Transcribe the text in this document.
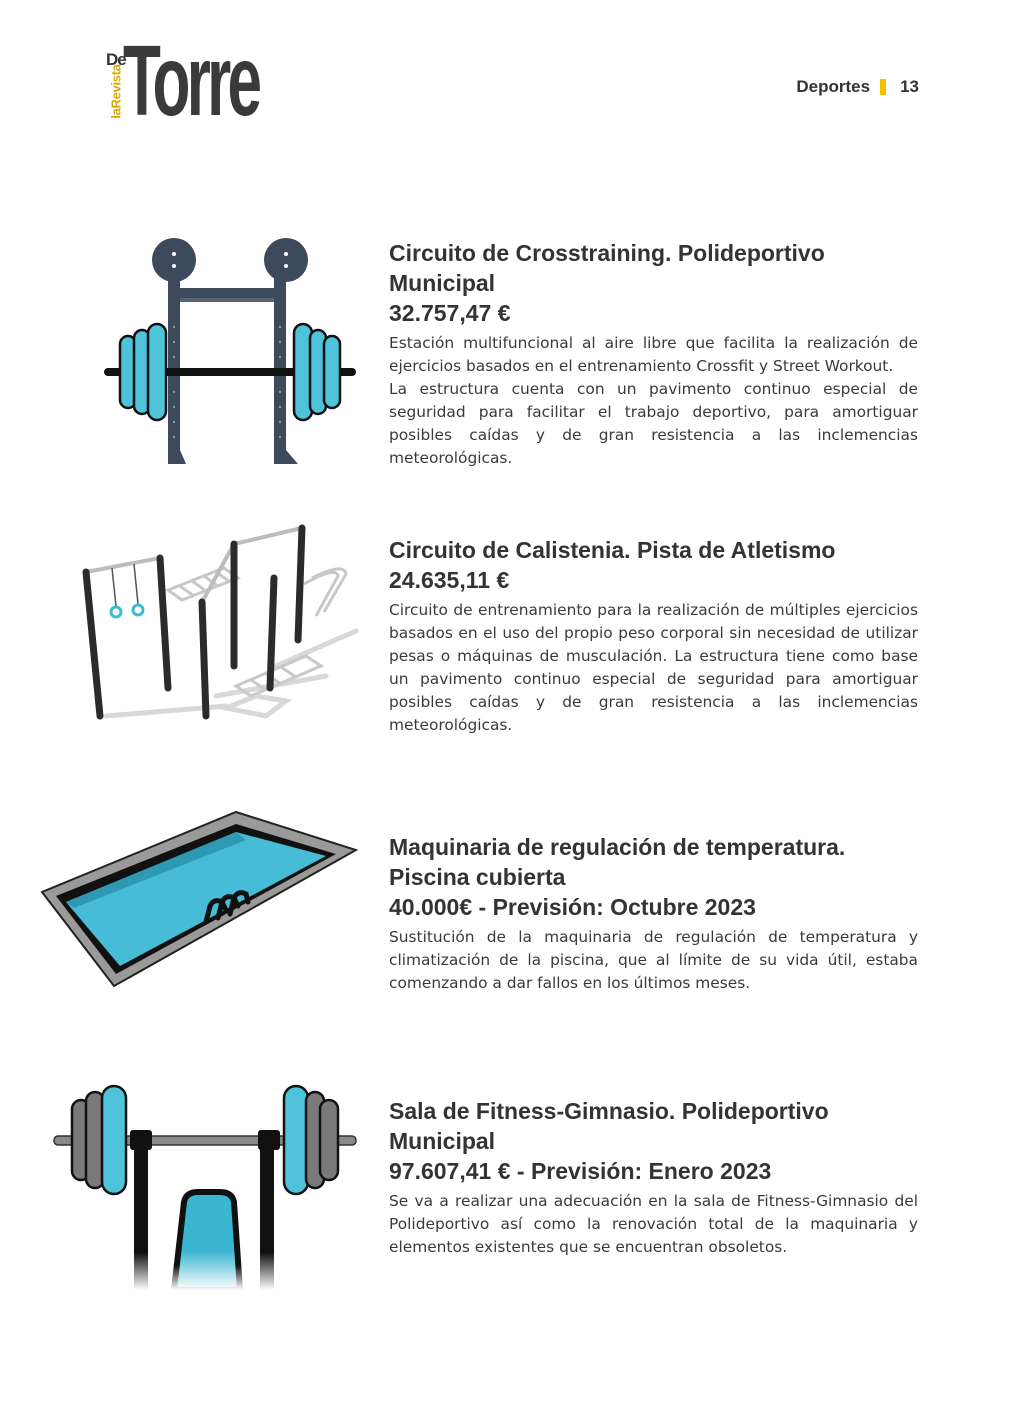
laRevista
De
Torre	Deportes 13
Circuito de Crosstraining. Polideportivo Municipal
32.757,47 €

Estación multifuncional al aire libre que facilita la realización de ejercicios basados en el entrenamiento Crossfit y Street Workout.

La estructura cuenta con un pavimento continuo especial de seguridad para facilitar el trabajo deportivo, para amortiguar posibles caídas y de gran resistencia a las inclemencias meteorológicas.

Circuito de Calistenia. Pista de Atletismo
24.635,11 €

Circuito de entrenamiento para la realización de múltiples ejercicios basados en el uso del propio peso corporal sin necesidad de utilizar pesas o máquinas de musculación. La estructura tiene como base un pavimento continuo especial de seguridad para amortiguar posibles caídas y de gran resistencia a las inclemencias meteorológicas.

Maquinaria de regulación de temperatura. Piscina cubierta
40.000€ - Previsión: Octubre 2023

Sustitución de la maquinaria de regulación de temperatura y climatización de la piscina, que al límite de su vida útil, estaba comenzando a dar fallos en los últimos meses.

Sala de Fitness-Gimnasio. Polideportivo Municipal
97.607,41 € - Previsión: Enero 2023

Se va a realizar una adecuación en la sala de Fitness-Gimnasio del Polideportivo así como la renovación total de la maquinaria y elementos existentes que se encuentran obsoletos.
